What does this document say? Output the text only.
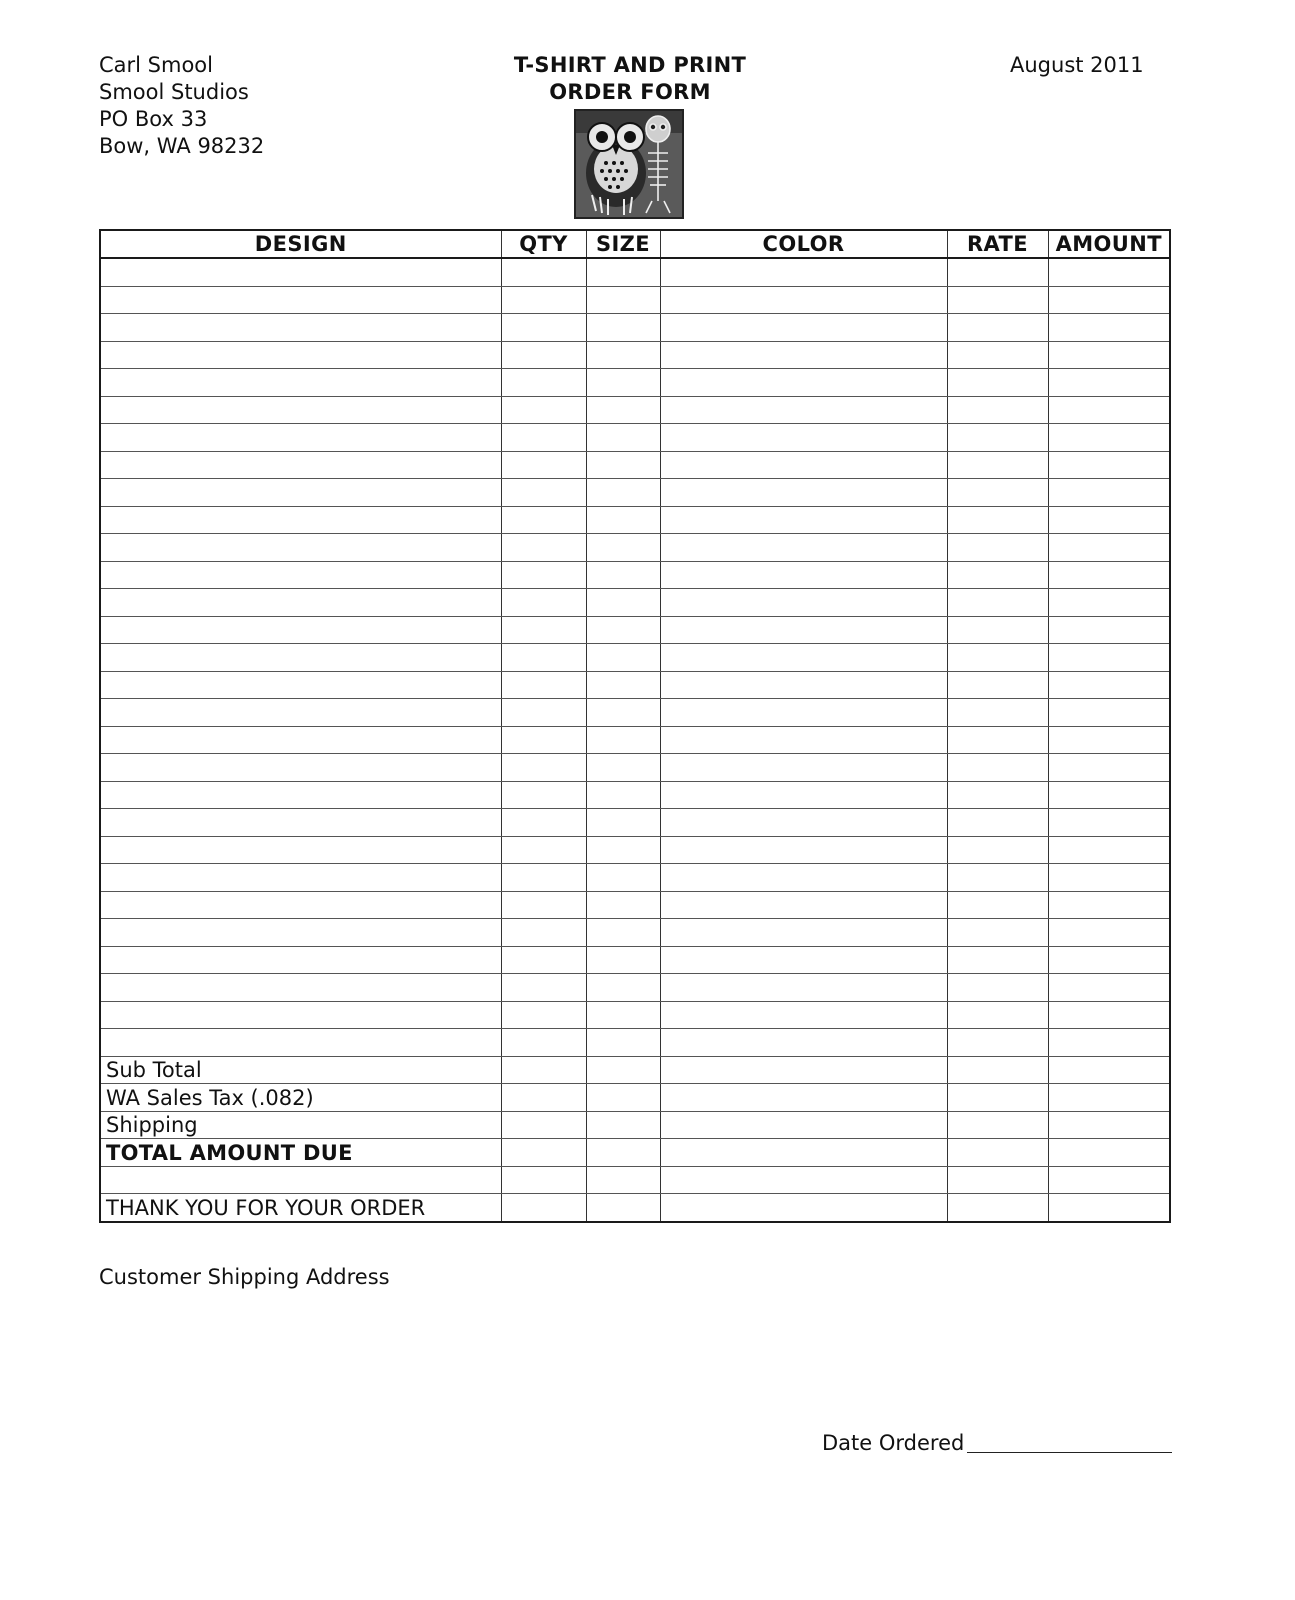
Carl Smool
Smool Studios
PO Box 33
Bow, WA 98232
T-SHIRT AND PRINT
ORDER FORM
August 2011
DESIGN	QTY	SIZE	COLOR	RATE	AMOUNT

Sub Total					
WA Sales Tax (.082)					
Shipping					
TOTAL AMOUNT DUE					

THANK YOU FOR YOUR ORDER					
Customer Shipping Address
Date Ordered
